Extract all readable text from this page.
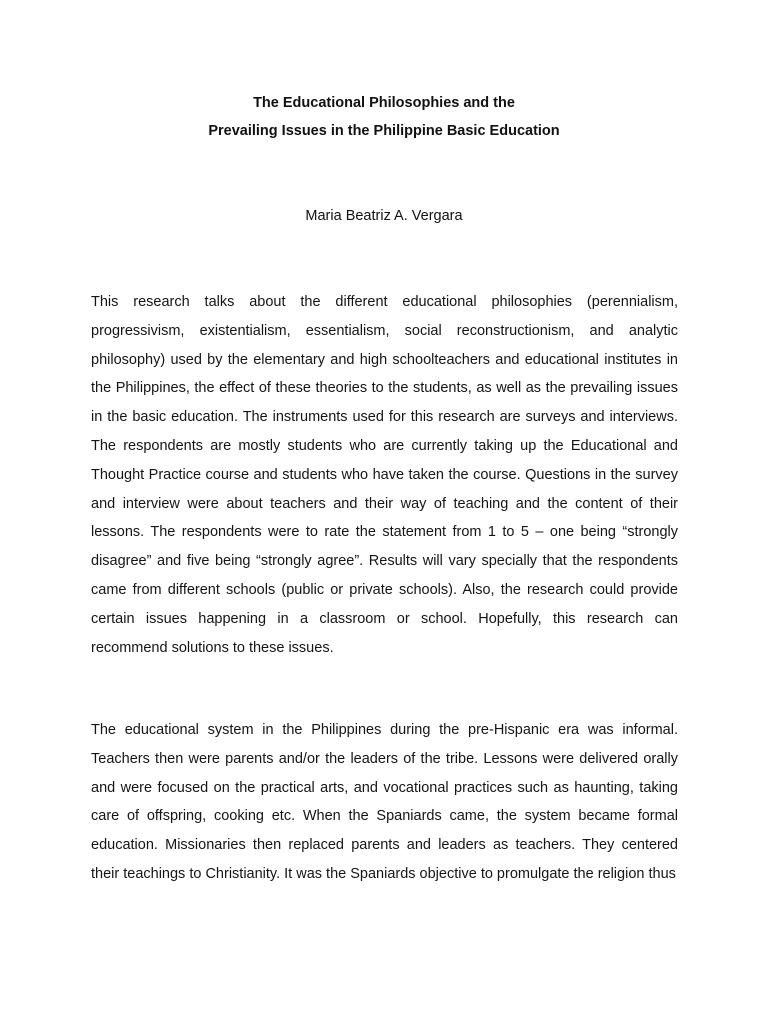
The Educational Philosophies and the
Prevailing Issues in the Philippine Basic Education
Maria Beatriz A. Vergara

This research talks about the different educational philosophies (perennialism, progressivism, existentialism, essentialism, social reconstructionism, and analytic philosophy) used by the elementary and high schoolteachers and educational institutes in the Philippines, the effect of these theories to the students, as well as the prevailing issues in the basic education. The instruments used for this research are surveys and interviews. The respondents are mostly students who are currently taking up the Educational and Thought Practice course and students who have taken the course. Questions in the survey and interview were about teachers and their way of teaching and the content of their lessons. The respondents were to rate the statement from 1 to 5 – one being “strongly disagree” and five being “strongly agree”. Results will vary specially that the respondents came from different schools (public or private schools). Also, the research could provide certain issues happening in a classroom or school. Hopefully, this research can recommend solutions to these issues.

The educational system in the Philippines during the pre-Hispanic era was informal. Teachers then were parents and/or the leaders of the tribe. Lessons were delivered orally and were focused on the practical arts, and vocational practices such as haunting, taking care of offspring, cooking etc. When the Spaniards came, the system became formal education. Missionaries then replaced parents and leaders as teachers. They centered their teachings to Christianity. It was the Spaniards objective to promulgate the religion thus
